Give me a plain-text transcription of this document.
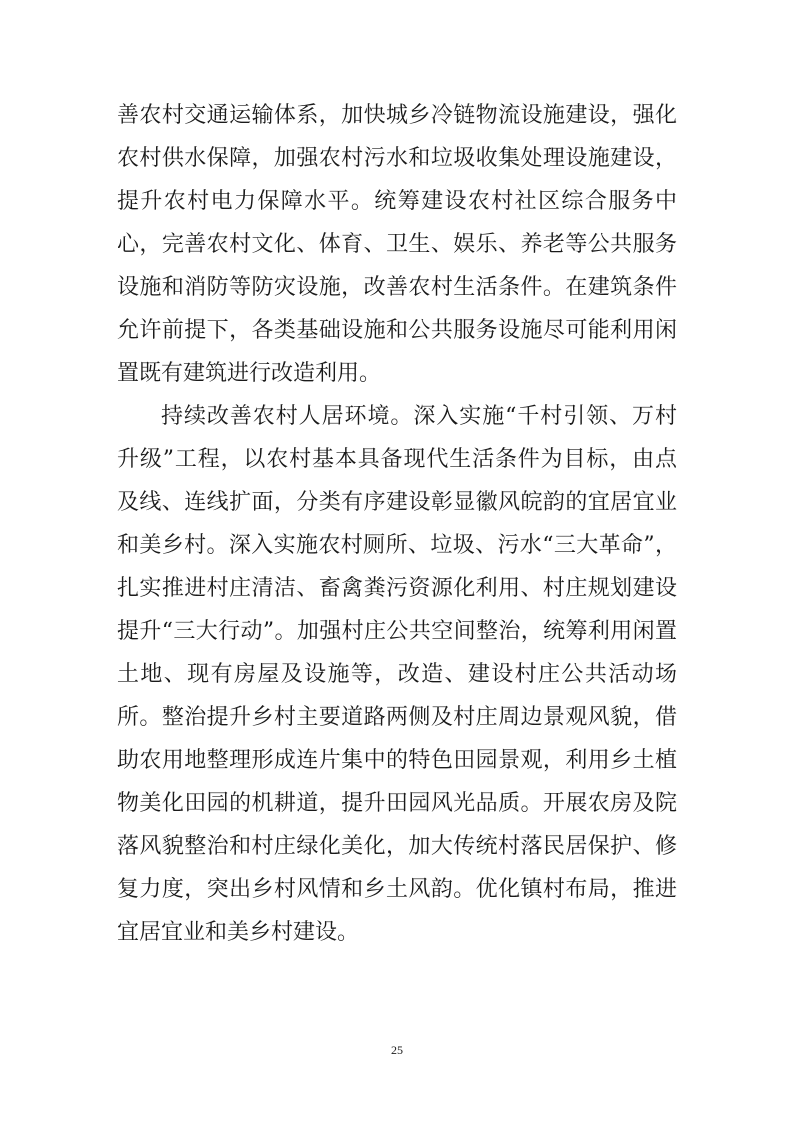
善农村交通运输体系，加快城乡冷链物流设施建设，强化
农村供水保障，加强农村污水和垃圾收集处理设施建设，
提升农村电力保障水平。统筹建设农村社区综合服务中
心，完善农村文化、体育、卫生、娱乐、养老等公共服务
设施和消防等防灾设施，改善农村生活条件。在建筑条件
允许前提下，各类基础设施和公共服务设施尽可能利用闲
置既有建筑进行改造利用。
持续改善农村人居环境。深入实施“千村引领、万村
升级”工程，以农村基本具备现代生活条件为目标，由点
及线、连线扩面，分类有序建设彰显徽风皖韵的宜居宜业
和美乡村。深入实施农村厕所、垃圾、污水“三大革命”，
扎实推进村庄清洁、畜禽粪污资源化利用、村庄规划建设
提升“三大行动”。加强村庄公共空间整治，统筹利用闲置
土地、现有房屋及设施等，改造、建设村庄公共活动场
所。整治提升乡村主要道路两侧及村庄周边景观风貌，借
助农用地整理形成连片集中的特色田园景观，利用乡土植
物美化田园的机耕道，提升田园风光品质。开展农房及院
落风貌整治和村庄绿化美化，加大传统村落民居保护、修
复力度，突出乡村风情和乡土风韵。优化镇村布局，推进
宜居宜业和美乡村建设。
25
